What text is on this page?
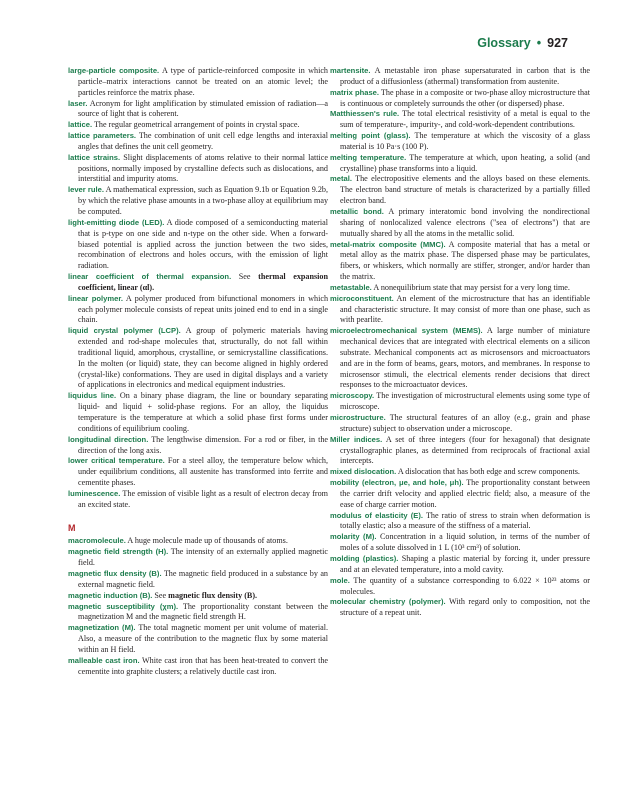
Glossary • 927

large-particle composite. A type of particle-reinforced composite in which particle–matrix interactions cannot be treated on an atomic level; the particles reinforce the matrix phase.

laser. Acronym for light amplification by stimulated emission of radiation—a source of light that is coherent.

lattice. The regular geometrical arrangement of points in crystal space.

lattice parameters. The combination of unit cell edge lengths and interaxial angles that defines the unit cell geometry.

lattice strains. Slight displacements of atoms relative to their normal lattice positions, normally imposed by crystalline defects such as dislocations, and interstitial and impurity atoms.

lever rule. A mathematical expression, such as Equation 9.1b or Equation 9.2b, by which the relative phase amounts in a two-phase alloy at equilibrium may be computed.

light-emitting diode (LED). A diode composed of a semiconducting material that is p-type on one side and n-type on the other side. When a forward-biased potential is applied across the junction between the two sides, recombination of electrons and holes occurs, with the emission of light radiation.

linear coefficient of thermal expansion. See thermal expansion coefficient, linear (αl).

linear polymer. A polymer produced from bifunctional monomers in which each polymer molecule consists of repeat units joined end to end in a single chain.

liquid crystal polymer (LCP). A group of polymeric materials having extended and rod-shape molecules that, structurally, do not fall within traditional liquid, amorphous, crystalline, or semicrystalline classifications. In the molten (or liquid) state, they can become aligned in highly ordered (crystal-like) conformations. They are used in digital displays and a variety of applications in electronics and medical equipment industries.

liquidus line. On a binary phase diagram, the line or boundary separating liquid- and liquid + solid-phase regions. For an alloy, the liquidus temperature is the temperature at which a solid phase first forms under conditions of equilibrium cooling.

longitudinal direction. The lengthwise dimension. For a rod or fiber, in the direction of the long axis.

lower critical temperature. For a steel alloy, the temperature below which, under equilibrium conditions, all austenite has transformed into ferrite and cementite phases.

luminescence. The emission of visible light as a result of electron decay from an excited state.

M

macromolecule. A huge molecule made up of thousands of atoms.

magnetic field strength (H). The intensity of an externally applied magnetic field.

magnetic flux density (B). The magnetic field produced in a substance by an external magnetic field.

magnetic induction (B). See magnetic flux density (B).

magnetic susceptibility (χm). The proportionality constant between the magnetization M and the magnetic field strength H.

magnetization (M). The total magnetic moment per unit volume of material. Also, a measure of the contribution to the magnetic flux by some material within an H field.

malleable cast iron. White cast iron that has been heat-treated to convert the cementite into graphite clusters; a relatively ductile cast iron.

martensite. A metastable iron phase supersaturated in carbon that is the product of a diffusionless (athermal) transformation from austenite.

matrix phase. The phase in a composite or two-phase alloy microstructure that is continuous or completely surrounds the other (or dispersed) phase.

Matthiessen's rule. The total electrical resistivity of a metal is equal to the sum of temperature-, impurity-, and cold-work-dependent contributions.

melting point (glass). The temperature at which the viscosity of a glass material is 10 Pa·s (100 P).

melting temperature. The temperature at which, upon heating, a solid (and crystalline) phase transforms into a liquid.

metal. The electropositive elements and the alloys based on these elements. The electron band structure of metals is characterized by a partially filled electron band.

metallic bond. A primary interatomic bond involving the nondirectional sharing of nonlocalized valence electrons ("sea of electrons") that are mutually shared by all the atoms in the metallic solid.

metal-matrix composite (MMC). A composite material that has a metal or metal alloy as the matrix phase. The dispersed phase may be particulates, fibers, or whiskers, which normally are stiffer, stronger, and/or harder than the matrix.

metastable. A nonequilibrium state that may persist for a very long time.

microconstituent. An element of the microstructure that has an identifiable and characteristic structure. It may consist of more than one phase, such as with pearlite.

microelectromechanical system (MEMS). A large number of miniature mechanical devices that are integrated with electrical elements on a silicon substrate. Mechanical components act as microsensors and microactuators and are in the form of beams, gears, motors, and membranes. In response to microsensor stimuli, the electrical elements render decisions that direct responses to the microactuator devices.

microscopy. The investigation of microstructural elements using some type of microscope.

microstructure. The structural features of an alloy (e.g., grain and phase structure) subject to observation under a microscope.

Miller indices. A set of three integers (four for hexagonal) that designate crystallographic planes, as determined from reciprocals of fractional axial intercepts.

mixed dislocation. A dislocation that has both edge and screw components.

mobility (electron, μe, and hole, μh). The proportionality constant between the carrier drift velocity and applied electric field; also, a measure of the ease of charge carrier motion.

modulus of elasticity (E). The ratio of stress to strain when deformation is totally elastic; also a measure of the stiffness of a material.

molarity (M). Concentration in a liquid solution, in terms of the number of moles of a solute dissolved in 1 L (10³ cm³) of solution.

molding (plastics). Shaping a plastic material by forcing it, under pressure and at an elevated temperature, into a mold cavity.

mole. The quantity of a substance corresponding to 6.022 × 10²³ atoms or molecules.

molecular chemistry (polymer). With regard only to composition, not the structure of a repeat unit.
